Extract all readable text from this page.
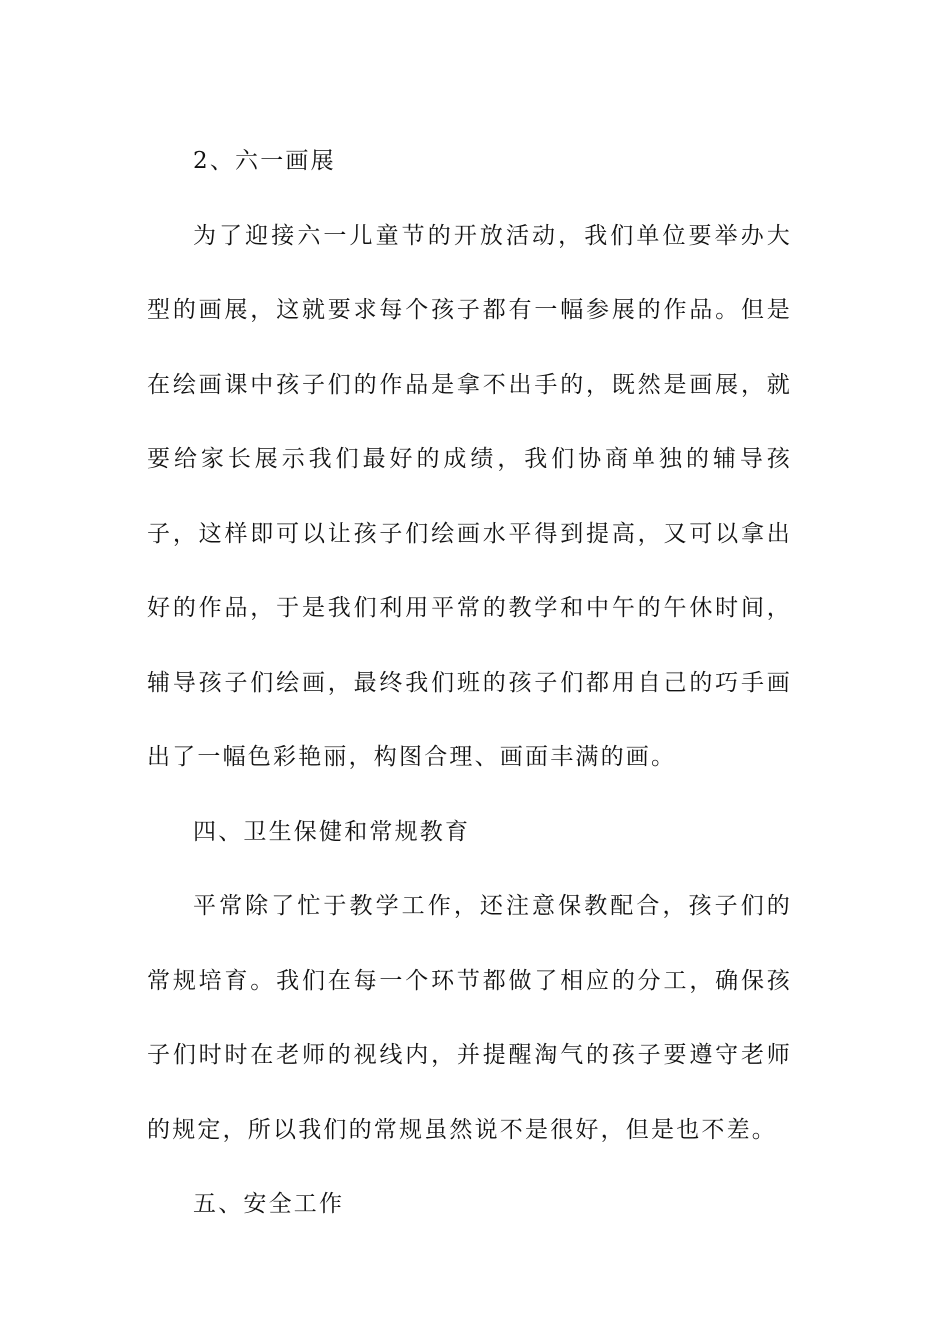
2、六一画展

为了迎接六一儿童节的开放活动，我们单位要举办大型的画展，这就要求每个孩子都有一幅参展的作品。但是在绘画课中孩子们的作品是拿不出手的，既然是画展，就要给家长展示我们最好的成绩，我们协商单独的辅导孩子，这样即可以让孩子们绘画水平得到提高，又可以拿出好的作品，于是我们利用平常的教学和中午的午休时间，辅导孩子们绘画，最终我们班的孩子们都用自己的巧手画出了一幅色彩艳丽，构图合理、画面丰满的画。

四、卫生保健和常规教育

平常除了忙于教学工作，还注意保教配合，孩子们的常规培育。我们在每一个环节都做了相应的分工，确保孩子们时时在老师的视线内，并提醒淘气的孩子要遵守老师的规定，所以我们的常规虽然说不是很好，但是也不差。

五、安全工作
